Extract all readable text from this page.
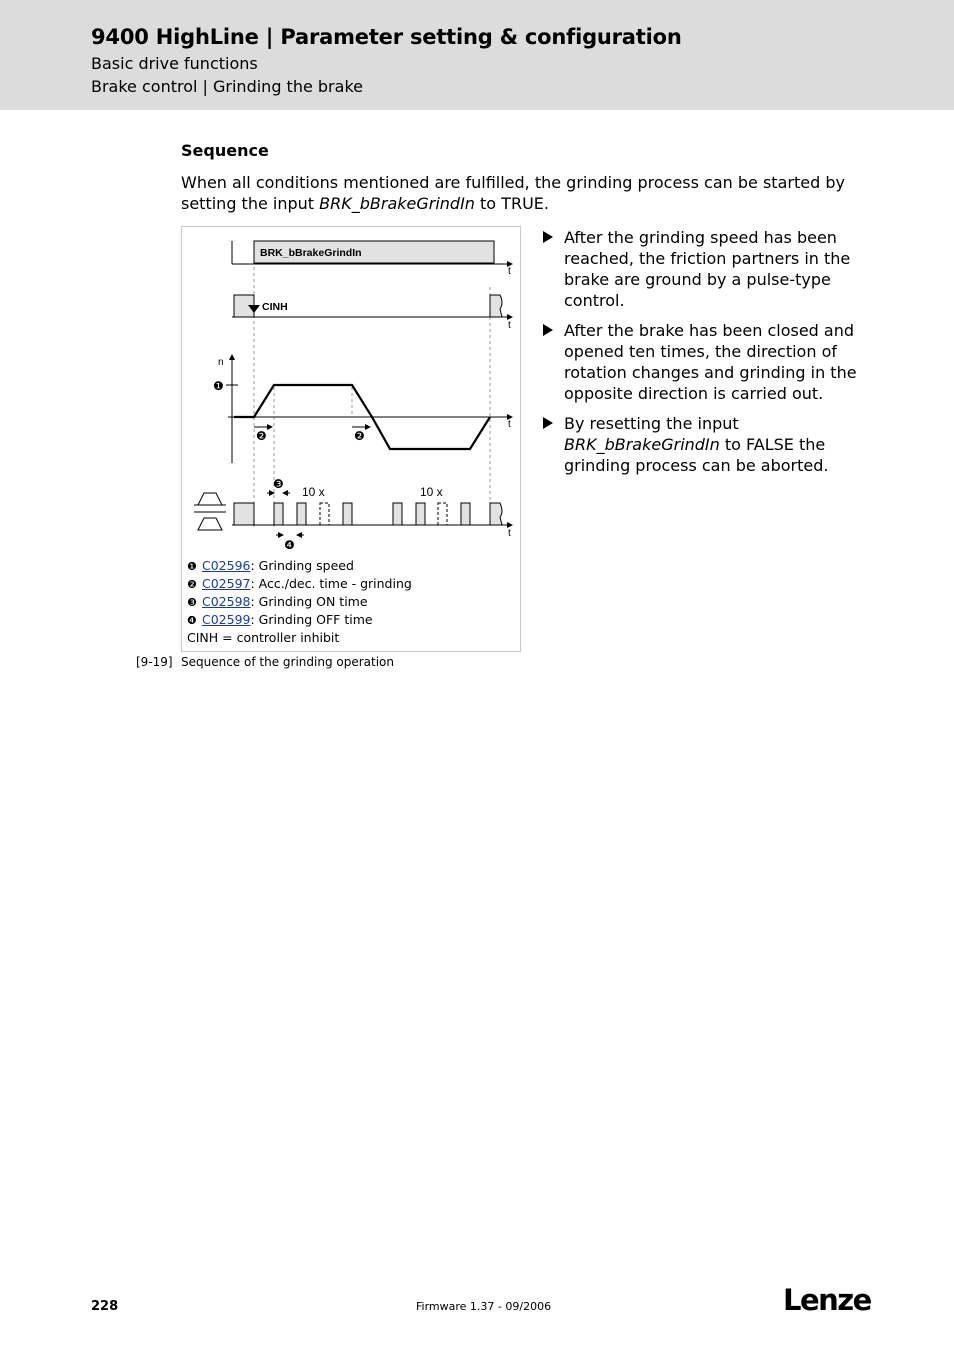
9400 HighLine | Parameter setting & configuration
Basic drive functions
Brake control | Grinding the brake
Sequence
When all conditions mentioned are fulfilled, the grinding process can be started by setting the input BRK_bBrakeGrindIn to TRUE.
BRK_bBrakeGrindIn
t
CINH
t
n
t
❶
❷	❷
10 x	10 x
t
❸
❹
❶ C02596: Grinding speed
❷ C02597: Acc./dec. time - grinding
❸ C02598: Grinding ON time
❹ C02599: Grinding OFF time
CINH = controller inhibit
[9-19] Sequence of the grinding operation
After the grinding speed has been reached, the friction partners in the brake are ground by a pulse-type control.
After the brake has been closed and opened ten times, the direction of rotation changes and grinding in the opposite direction is carried out.
By resetting the input BRK_bBrakeGrindIn to FALSE the grinding process can be aborted.
228	Firmware 1.37 - 09/2006	Lenze
